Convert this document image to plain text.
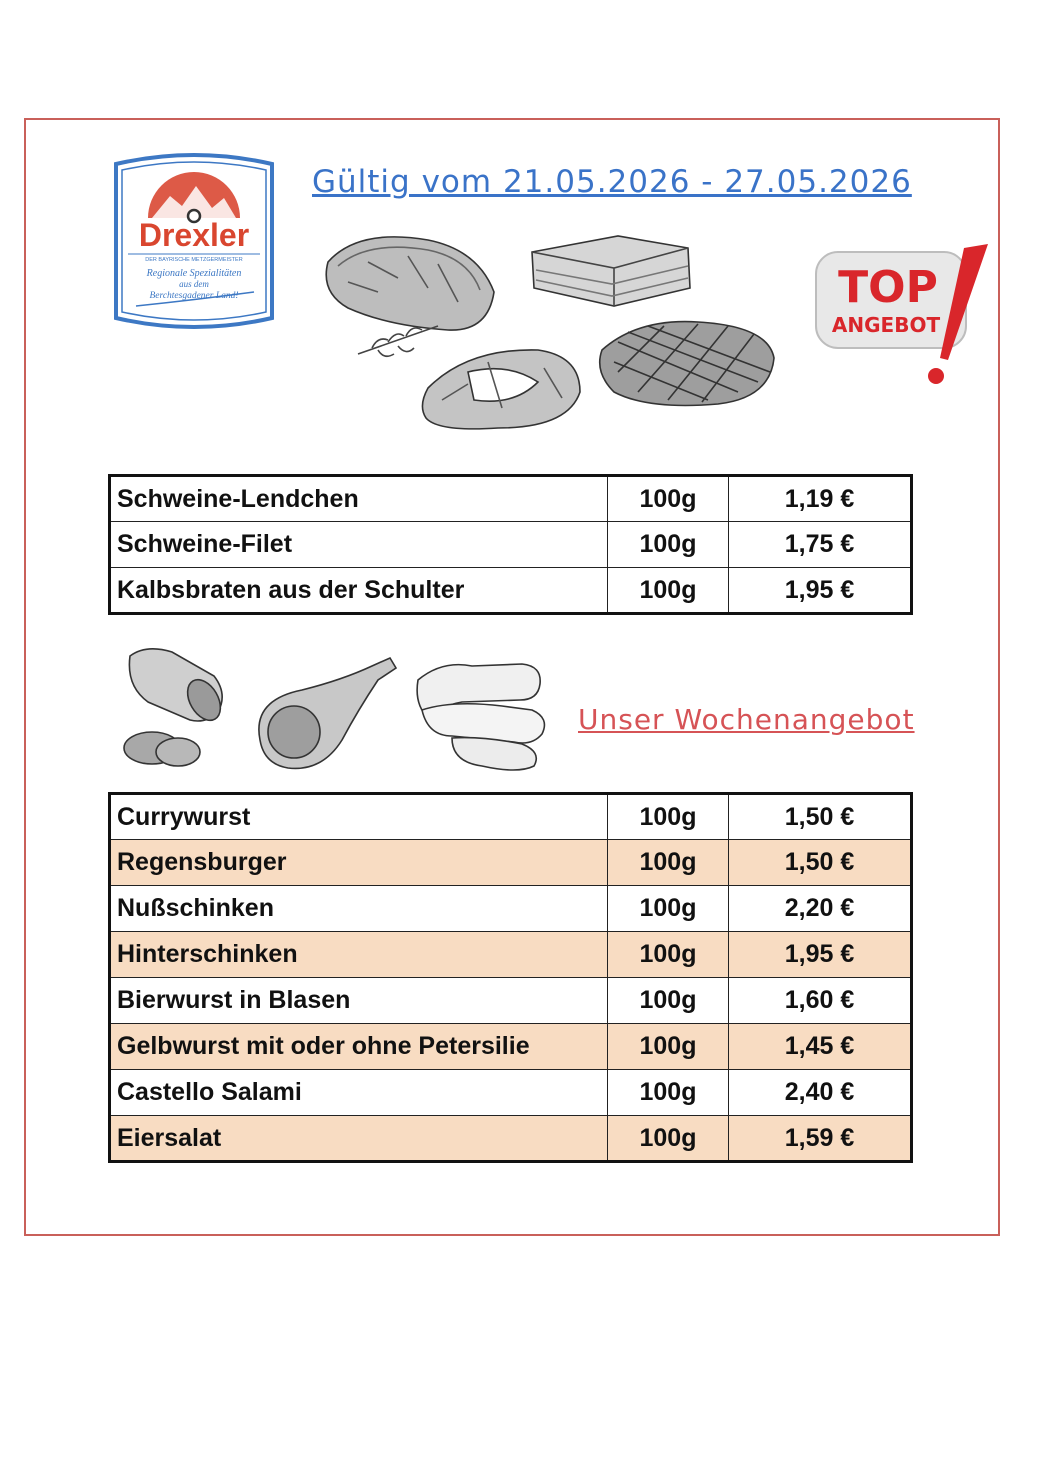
Drexler
DER BAYRISCHE METZGERMEISTER
Regionale Spezialitäten
aus dem
Berchtesgadener Land!
Gültig vom 21.05.2026 - 27.05.2026
TOP
ANGEBOT
Schweine-Lendchen	100g	1,19 €
Schweine-Filet	100g	1,75 €
Kalbsbraten aus der Schulter	100g	1,95 €
Unser Wochenangebot
Currywurst	100g	1,50 €
Regensburger	100g	1,50 €
Nußschinken	100g	2,20 €
Hinterschinken	100g	1,95 €
Bierwurst in Blasen	100g	1,60 €
Gelbwurst mit oder ohne Petersilie	100g	1,45 €
Castello Salami	100g	2,40 €
Eiersalat	100g	1,59 €
